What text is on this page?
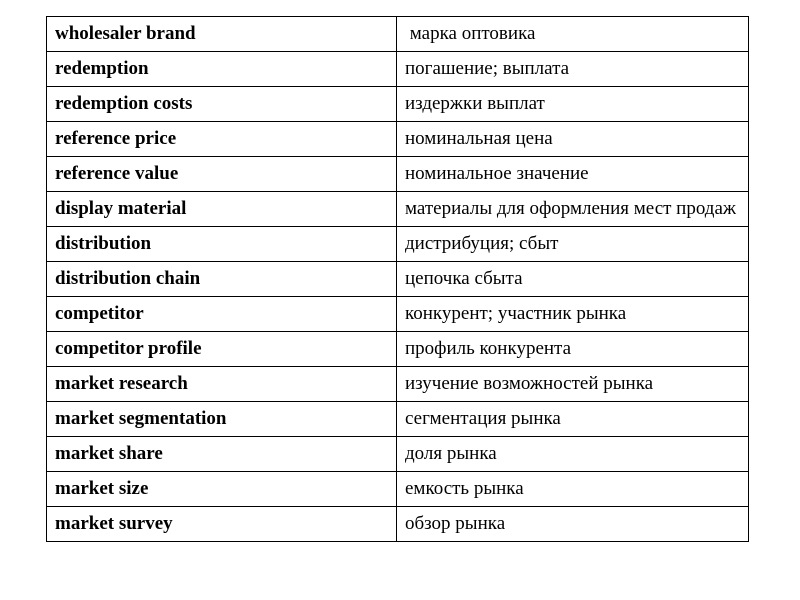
wholesaler brand	марка оптовика
redemption	погашение; выплата
redemption costs	издержки выплат
reference price	номинальная цена
reference value	номинальное значение
display material	материалы для оформления мест продаж
distribution	дистрибуция; сбыт
distribution chain	цепочка сбыта
competitor	конкурент; участник рынка
competitor profile	профиль конкурента
market research	изучение возможностей рынка
market segmentation	сегментация рынка
market share	доля рынка
market size	емкость рынка
market survey	обзор рынка
